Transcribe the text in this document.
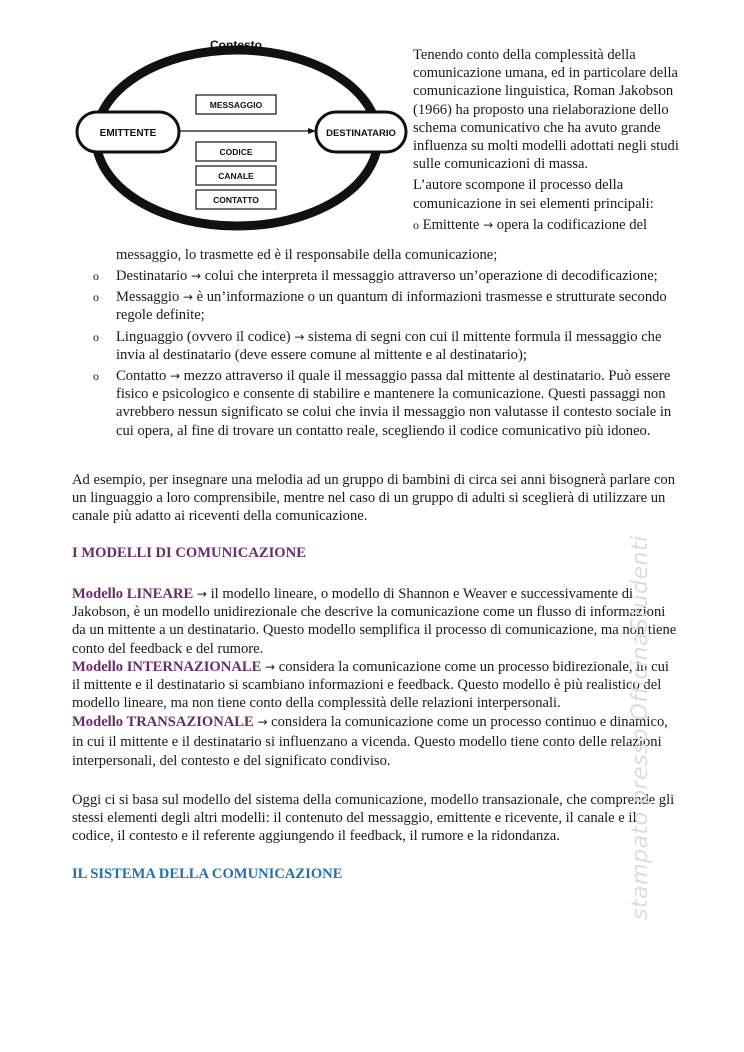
Contesto
EMITTENTE	DESTINATARIO
MESSAGGIO
CODICE
CANALE
CONTATTO

Tenendo conto della complessità della comunicazione umana, ed in particolare della comunicazione linguistica, Roman Jakobson (1966) ha proposto una rielaborazione dello schema comunicativo che ha avuto grande influenza su molti modelli adottati negli studi sulle comunicazioni di massa.

L’autore scompone il processo della comunicazione in sei elementi principali:

o Emittente → opera la codificazione del

messaggio, lo trasmette ed è il responsabile della comunicazione;
o Destinatario → colui che interpreta il messaggio attraverso un’operazione di decodificazione;
o Messaggio → è un’informazione o un quantum di informazioni trasmesse e strutturate secondo regole definite;
o Linguaggio (ovvero il codice) → sistema di segni con cui il mittente formula il messaggio che invia al destinatario (deve essere comune al mittente e al destinatario);
o Contatto → mezzo attraverso il quale il messaggio passa dal mittente al destinatario. Può essere fisico e psicologico e consente di stabilire e mantenere la comunicazione. Questi passaggi non avrebbero nessun significato se colui che invia il messaggio non valutasse il contesto sociale in cui opera, al fine di trovare un contatto reale, scegliendo il codice comunicativo più idoneo.

Ad esempio, per insegnare una melodia ad un gruppo di bambini di circa sei anni bisognerà parlare con un linguaggio a loro comprensibile, mentre nel caso di un gruppo di adulti si sceglierà di utilizzare un canale più adatto ai riceventi della comunicazione.

I MODELLI DI COMUNICAZIONE

Modello LINEARE → il modello lineare, o modello di Shannon e Weaver e successivamente di Jakobson, è un modello unidirezionale che descrive la comunicazione come un flusso di informazioni da un mittente a un destinatario. Questo modello semplifica il processo di comunicazione, ma non tiene conto del feedback e del rumore.

Modello INTERNAZIONALE → considera la comunicazione come un processo bidirezionale, in cui il mittente e il destinatario si scambiano informazioni e feedback. Questo modello è più realistico del modello lineare, ma non tiene conto della complessità delle relazioni interpersonali.

Modello TRANSAZIONALE → considera la comunicazione come un processo continuo e dinamico, in cui il mittente e il destinatario si influenzano a vicenda. Questo modello tiene conto delle relazioni interpersonali, del contesto e del significato condiviso.

Oggi ci si basa sul modello del sistema della comunicazione, modello transazionale, che comprende gli stessi elementi degli altri modelli: il contenuto del messaggio, emittente e ricevente, il canale e il codice, il contesto e il referente aggiungendo il feedback, il rumore e la ridondanza.

IL SISTEMA DELLA COMUNICAZIONE	stampato presso OfficinaStudenti
